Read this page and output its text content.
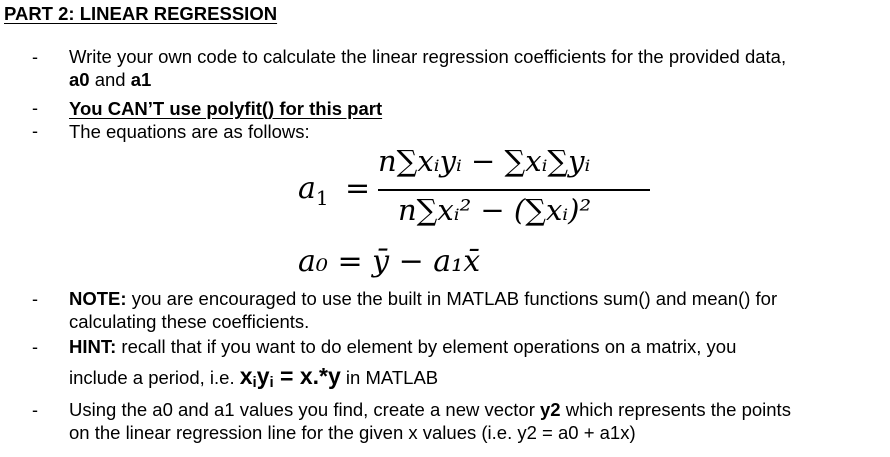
PART 2: LINEAR REGRESSION
- Write your own code to calculate the linear regression coefficients for the provided data,
a0 and a1
- You CAN’T use polyfit() for this part
- The equations are as follows:
$a_1$ =
n∑xᵢyᵢ − ∑xᵢ∑yᵢ
n∑xᵢ² − (∑xᵢ)²
a₀ = ȳ − a₁x̄
- NOTE: you are encouraged to use the built in MATLAB functions sum() and mean() for
calculating these coefficients.
- HINT: recall that if you want to do element by element operations on a matrix, you
include a period, i.e. xiyi = x.*y in MATLAB
- Using the a0 and a1 values you find, create a new vector y2 which represents the points
on the linear regression line for the given x values (i.e. y2 = a0 + a1x)
